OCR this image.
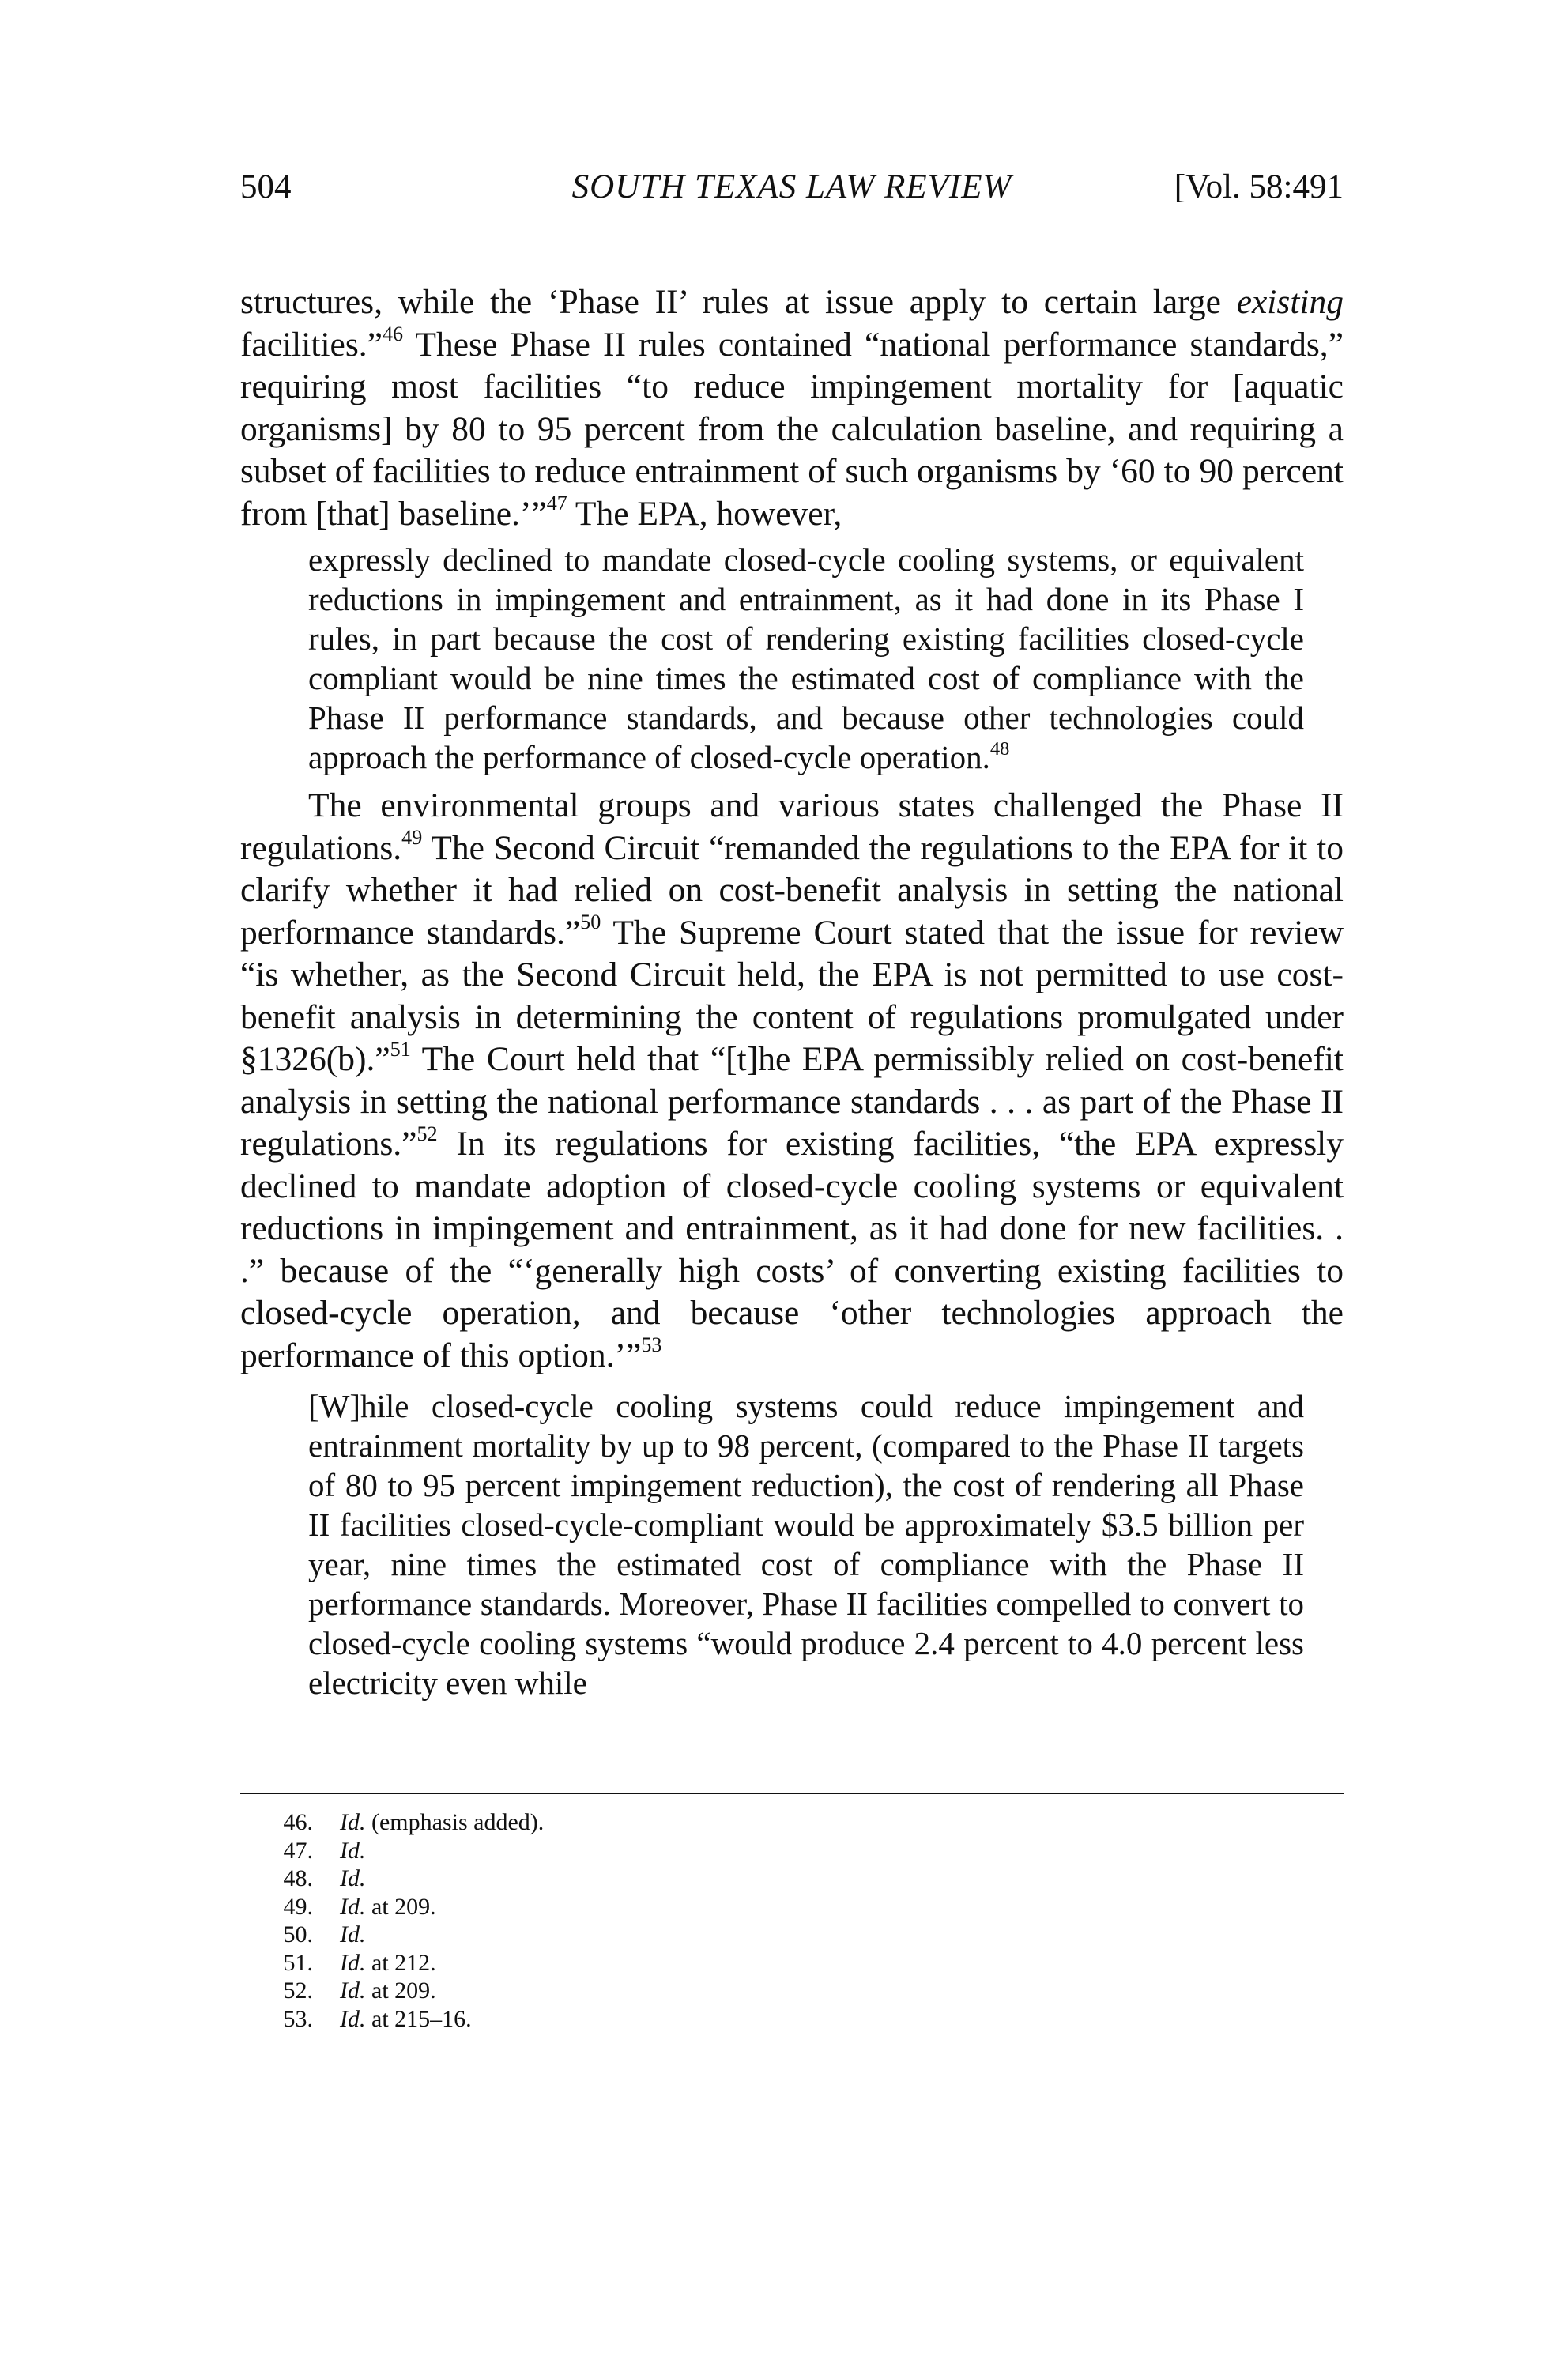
504	SOUTH TEXAS LAW REVIEW	[Vol. 58:491

structures, while the ‘Phase II’ rules at issue apply to certain large existing facilities.”$^{46}$ These Phase II rules contained “national performance standards,” requiring most facilities “to reduce impingement mortality for [aquatic organisms] by 80 to 95 percent from the calculation baseline, and requiring a subset of facilities to reduce entrainment of such organisms by ‘60 to 90 percent from [that] baseline.’”$^{47}$ The EPA, however,

expressly declined to mandate closed-cycle cooling systems, or equivalent reductions in impingement and entrainment, as it had done in its Phase I rules, in part because the cost of rendering existing facilities closed-cycle compliant would be nine times the estimated cost of compliance with the Phase II performance standards, and because other technologies could approach the performance of closed-cycle operation.$^{48}$

The environmental groups and various states challenged the Phase II regulations.$^{49}$ The Second Circuit “remanded the regulations to the EPA for it to clarify whether it had relied on cost-benefit analysis in setting the national performance standards.”$^{50}$ The Supreme Court stated that the issue for review “is whether, as the Second Circuit held, the EPA is not permitted to use cost-benefit analysis in determining the content of regulations promulgated under §1326(b).”$^{51}$ The Court held that “[t]he EPA permissibly relied on cost-benefit analysis in setting the national performance standards . . . as part of the Phase II regulations.”$^{52}$ In its regulations for existing facilities, “the EPA expressly declined to mandate adoption of closed-cycle cooling systems or equivalent reductions in impingement and entrainment, as it had done for new facilities. . .” because of the “‘generally high costs’ of converting existing facilities to closed-cycle operation, and because ‘other technologies approach the performance of this option.’”$^{53}$

[W]hile closed-cycle cooling systems could reduce impingement and entrainment mortality by up to 98 percent, (compared to the Phase II targets of 80 to 95 percent impingement reduction), the cost of rendering all Phase II facilities closed-cycle-compliant would be approximately $3.5 billion per year, nine times the estimated cost of compliance with the Phase II performance standards. Moreover, Phase II facilities compelled to convert to closed-cycle cooling systems “would produce 2.4 percent to 4.0 percent less electricity even while

46.	Id. (emphasis added).
47.	Id.
48.	Id.
49.	Id. at 209.
50.	Id.
51.	Id. at 212.
52.	Id. at 209.
53.	Id. at 215–16.
